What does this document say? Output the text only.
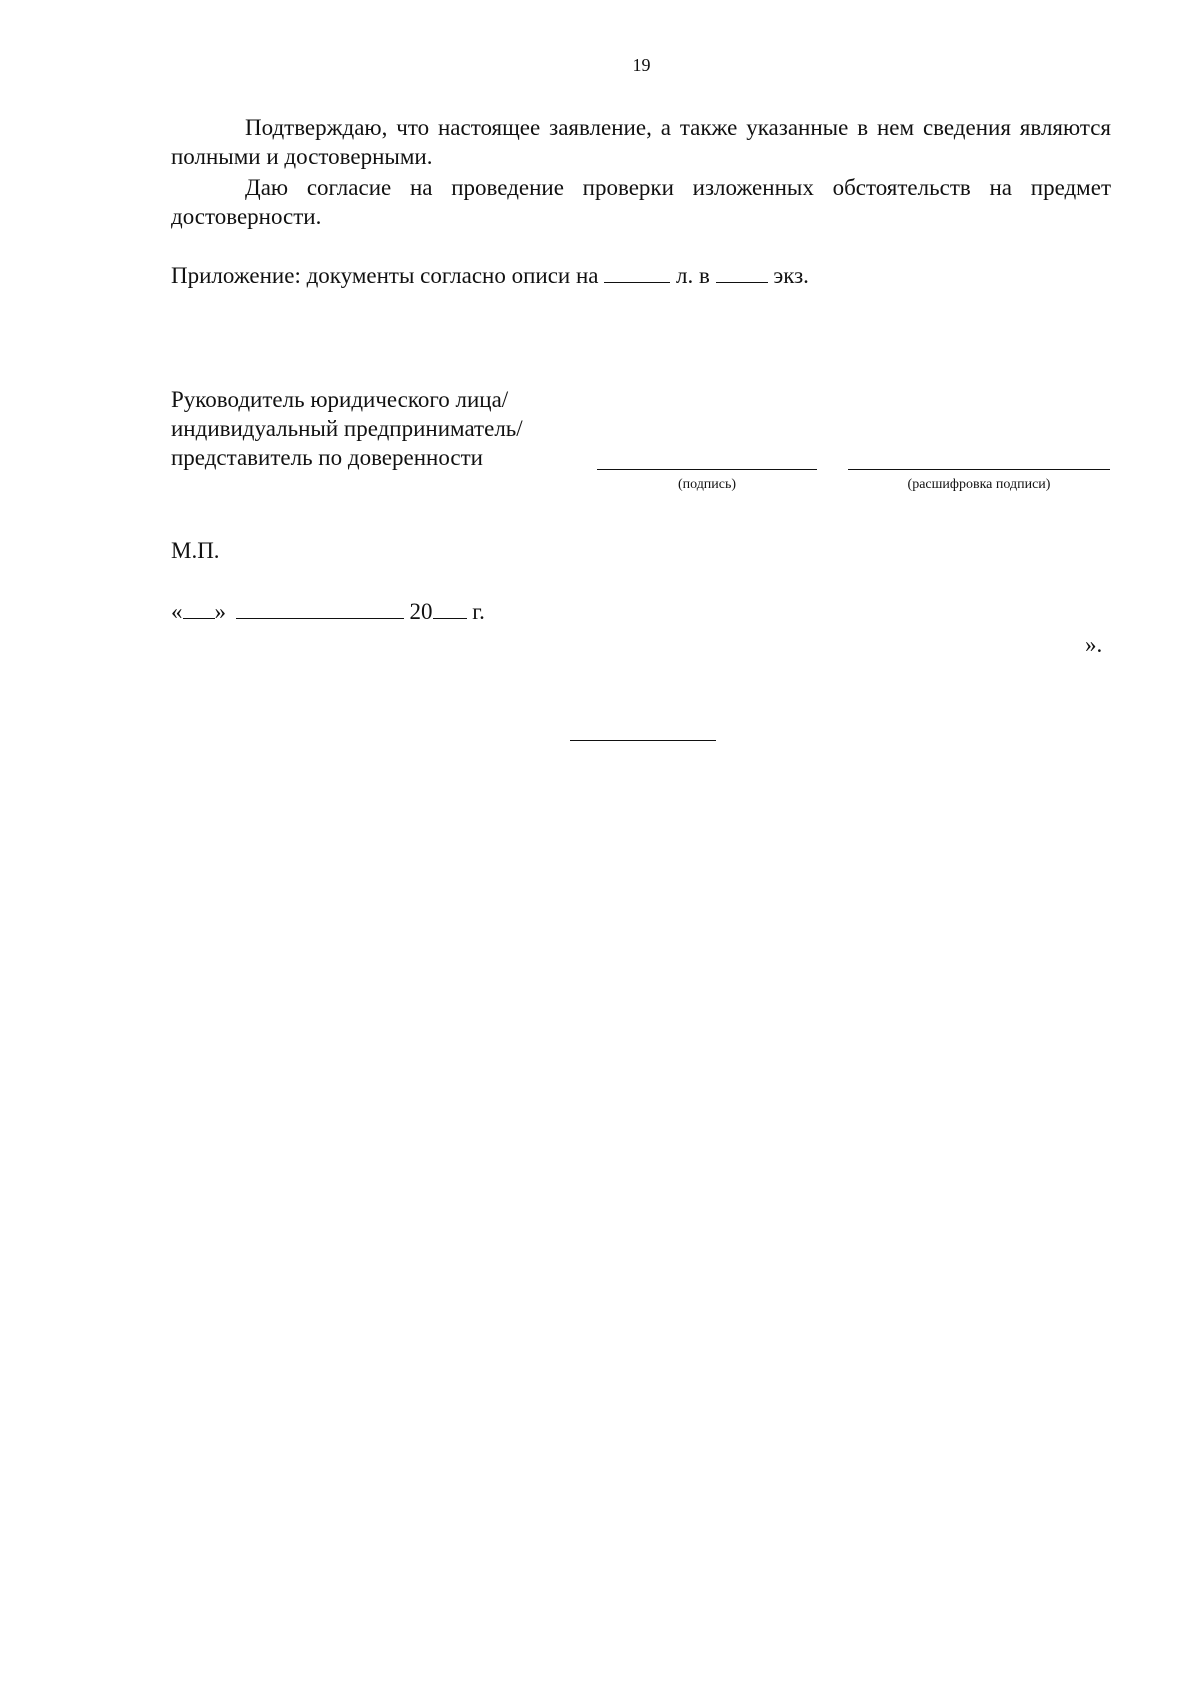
19
Подтверждаю, что настоящее заявление, а также указанные в нем сведения являются полными и достоверными.
Даю согласие на проведение проверки изложенных обстоятельств на предмет достоверности.
Приложение: документы согласно описи на	л. в	экз.
Руководитель юридического лица/
индивидуальный предприниматель/
представитель по доверенности
(подпись)	(расшифровка подписи)
М.П.
« »	20 г.
».
